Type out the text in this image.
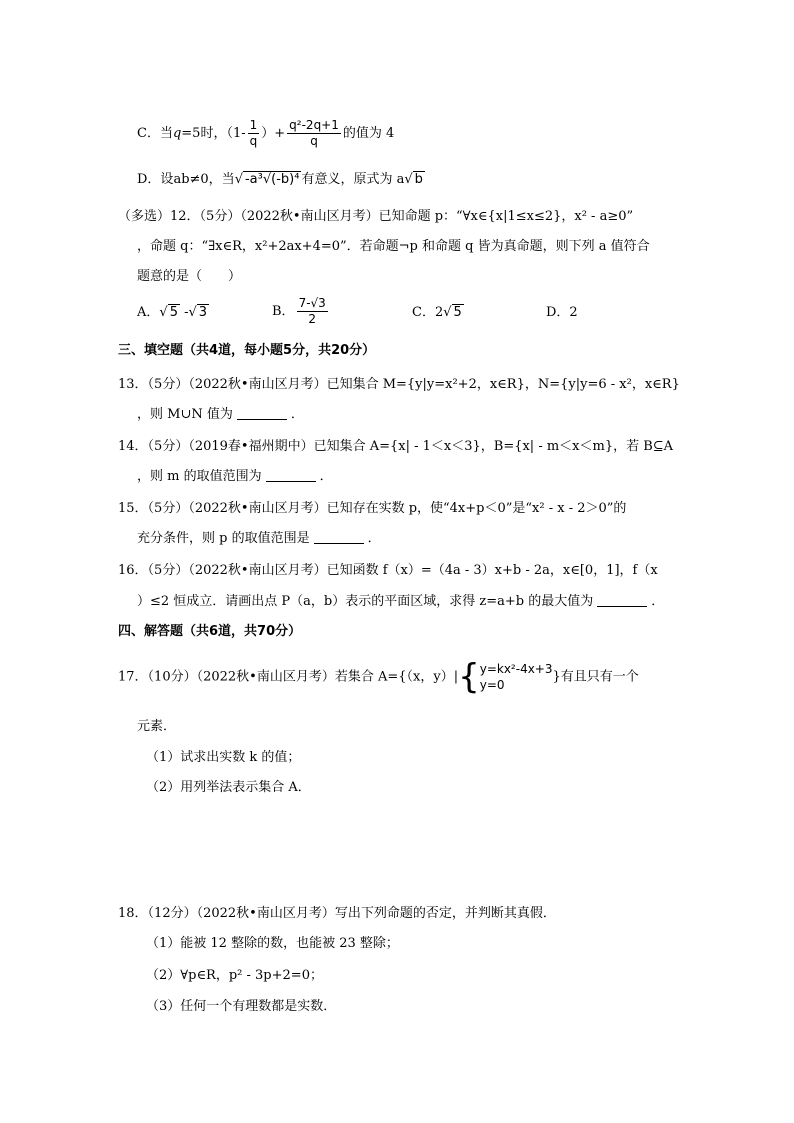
C．当q=5时，（$1- \frac{1}{q}$ ）+ $\frac{\text{q²-2q+1}}{q}$ 的值为 4
D．设ab≠0，当√ -a³√(-b)⁴ 有意义，原式为 a√ b
（多选）12．（5分）（2022秋•南山区月考）已知命题 p：“∀x∈{x|1≤x≤2}，x² - a≥0”
，命题 q：“∃x∈R，x²+2ax+4=0”．若命题¬p 和命题 q 皆为真命题，则下列 a 值符合
题意的是（　　）
A．√ 5 -√ 3	B． $\frac{7-√3}{2}$	C．2√ 5	D．2
三、填空题（共4道，每小题5分，共20分）
13．（5分）（2022秋•南山区月考）已知集合 M={y|y=x²+2，x∈R}，N={y|y=6 - x²，x∈R}
，则 M∪N 值为	．
14．（5分）（2019春•福州期中）已知集合 A={x| - 1＜x＜3}，B={x| - m＜x＜m}，若 B⊆A
，则 m 的取值范围为	．
15．（5分）（2022秋•南山区月考）已知存在实数 p，使“4x+p＜0”是“x² - x - 2＞0”的
充分条件，则 p 的取值范围是	．
16．（5分）（2022秋•南山区月考）已知函数 f（x）=（4a - 3）x+b - 2a，x∈[0，1]，f（x
）≤2 恒成立．请画出点 P（a，b）表示的平面区域，求得 z=a+b 的最大值为	．
四、解答题（共6道，共70分）
17．（10分）（2022秋•南山区月考）若集合 A={（x，y）|{ y=kx²-4x+3
y=0
}有且只有一个
元素．
（1）试求出实数 k 的值；
（2）用列举法表示集合 A．
18．（12分）（2022秋•南山区月考）写出下列命题的否定，并判断其真假．
（1）能被 12 整除的数，也能被 23 整除；
（2）∀p∈R，p² - 3p+2=0；
（3）任何一个有理数都是实数．
